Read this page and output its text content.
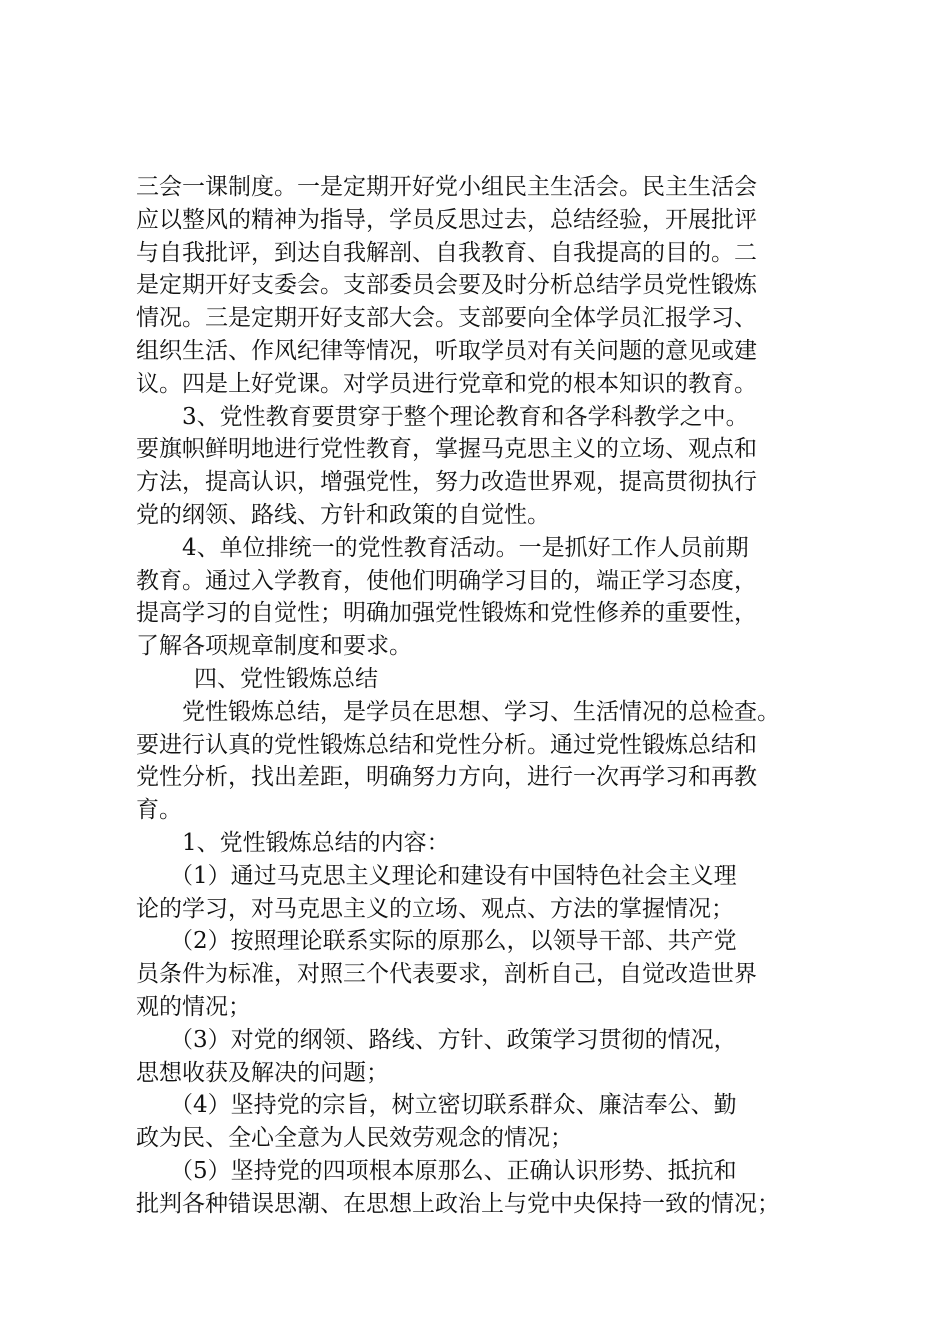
三会一课制度。一是定期开好党小组民主生活会。民主生活会
应以整风的精神为指导，学员反思过去，总结经验，开展批评
与自我批评，到达自我解剖、自我教育、自我提高的目的。二
是定期开好支委会。支部委员会要及时分析总结学员党性锻炼
情况。三是定期开好支部大会。支部要向全体学员汇报学习、
组织生活、作风纪律等情况，听取学员对有关问题的意见或建
议。四是上好党课。对学员进行党章和党的根本知识的教育。
3、党性教育要贯穿于整个理论教育和各学科教学之中。
要旗帜鲜明地进行党性教育，掌握马克思主义的立场、观点和
方法，提高认识，增强党性，努力改造世界观，提高贯彻执行
党的纲领、路线、方针和政策的自觉性。
4、单位排统一的党性教育活动。一是抓好工作人员前期
教育。通过入学教育，使他们明确学习目的，端正学习态度，
提高学习的自觉性；明确加强党性锻炼和党性修养的重要性，
了解各项规章制度和要求。
四、党性锻炼总结
党性锻炼总结，是学员在思想、学习、生活情况的总检查。
要进行认真的党性锻炼总结和党性分析。通过党性锻炼总结和
党性分析，找出差距，明确努力方向，进行一次再学习和再教
育。
1、党性锻炼总结的内容：
（1）通过马克思主义理论和建设有中国特色社会主义理
论的学习，对马克思主义的立场、观点、方法的掌握情况；
（2）按照理论联系实际的原那么，以领导干部、共产党
员条件为标准，对照三个代表要求，剖析自己，自觉改造世界
观的情况；
（3）对党的纲领、路线、方针、政策学习贯彻的情况，
思想收获及解决的问题；
（4）坚持党的宗旨，树立密切联系群众、廉洁奉公、勤
政为民、全心全意为人民效劳观念的情况；
（5）坚持党的四项根本原那么、正确认识形势、抵抗和
批判各种错误思潮、在思想上政治上与党中央保持一致的情况；
